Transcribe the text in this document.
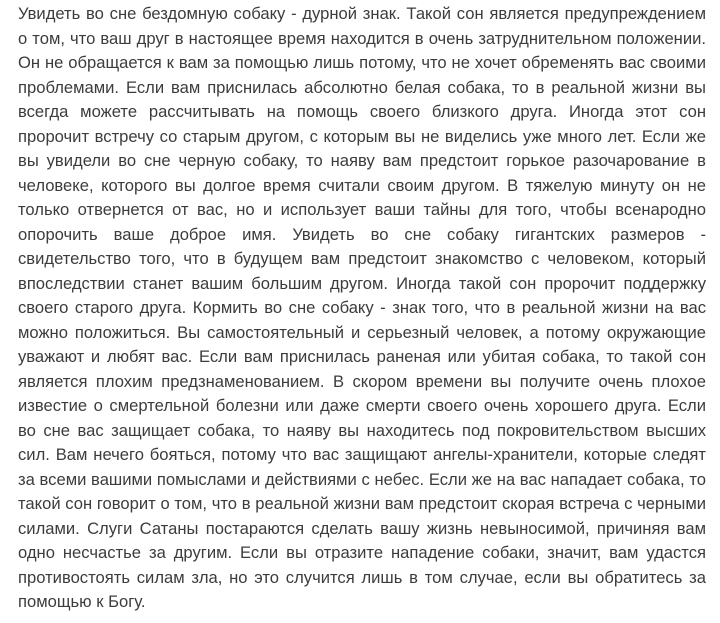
Увидеть во сне бездомную собаку - дурной знак. Такой сон является предупреждением о том, что ваш друг в настоящее время находится в очень затруднительном положении. Он не обращается к вам за помощью лишь потому, что не хочет обременять вас своими проблемами. Если вам приснилась абсолютно белая собака, то в реальной жизни вы всегда можете рассчитывать на помощь своего близкого друга. Иногда этот сон пророчит встречу со старым другом, с которым вы не виделись уже много лет. Если же вы увидели во сне черную собаку, то наяву вам предстоит горькое разочарование в человеке, которого вы долгое время считали своим другом. В тяжелую минуту он не только отвернется от вас, но и использует ваши тайны для того, чтобы всенародно опорочить ваше доброе имя. Увидеть во сне собаку гигантских размеров - свидетельство того, что в будущем вам предстоит знакомство с человеком, который впоследствии станет вашим большим другом. Иногда такой сон пророчит поддержку своего старого друга. Кормить во сне собаку - знак того, что в реальной жизни на вас можно положиться. Вы самостоятельный и серьезный человек, а потому окружающие уважают и любят вас. Если вам приснилась раненая или убитая собака, то такой сон является плохим предзнаменованием. В скором времени вы получите очень плохое известие о смертельной болезни или даже смерти своего очень хорошего друга. Если во сне вас защищает собака, то наяву вы находитесь под покровительством высших сил. Вам нечего бояться, потому что вас защищают ангелы-хранители, которые следят за всеми вашими помыслами и действиями с небес. Если же на вас нападает собака, то такой сон говорит о том, что в реальной жизни вам предстоит скорая встреча с черными силами. Слуги Сатаны постараются сделать вашу жизнь невыносимой, причиняя вам одно несчастье за другим. Если вы отразите нападение собаки, значит, вам удастся противостоять силам зла, но это случится лишь в том случае, если вы обратитесь за помощью к Богу.
